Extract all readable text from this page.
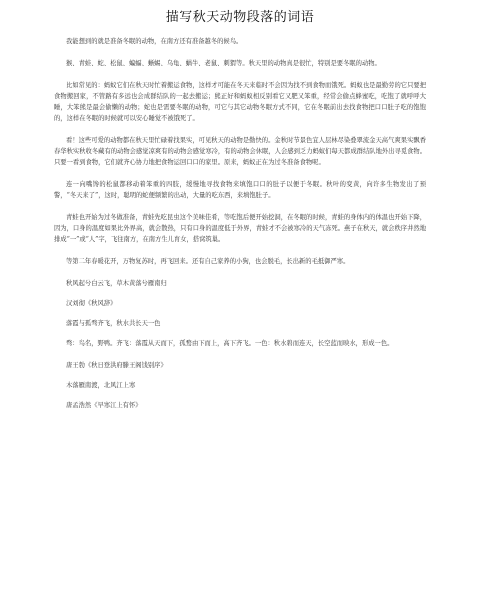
描写秋天动物段落的词语
我能想到的就是准备冬眠的动物，在南方还有准备越冬的候鸟。
猴、青蛙、蛇、松鼠、蝙蝠、蜥蜴、乌龟、蜗牛、老鼠、刺猬等。秋天里的动物真是很忙，特别是要冬眠的动物。
比如常见的：蚂蚁它们在秋天时忙着搬运食物，这样才可能在冬天来临时不会因为找不到食物而饿死。蚂蚁也是最勤劳的它只要把食物搬回家，不管路有多远也会成群结队的一起去搬运；熊正好和蚂蚁相反别看它又肥又笨重，经常会偷点蜂蜜吃，吃饱了就呼呼大睡，大笨熊是最会偷懒的动物；蛇也是需要冬眠的动物，可它与其它动物冬眠方式不同，它在冬眠前出去找食物把口口肚子吃的饱饱的，这样在冬眠的时候就可以安心睡觉不被饿死了。
看！这些可爱的动物都在秋天里忙碌着找果实，可见秋天的动物是勤快的。金秋时节景色宜人层林尽染叠翠流金天高气爽果实飘香春华秋实秋收冬藏有的动物会感觉凉爽有的动物会感觉寒冷，有的动物会休眠，人会感到乏力蚂蚁们每天都成群结队地外出寻觅食物。只要一看到食物，它们就齐心协力地把食物运回口口的家里。原来，蚂蚁正在为过冬准备食物呢。
连一向嘴馋的松鼠都移动着笨重的四肢，缓慢地寻找食物来填饱口口的肚子以便于冬眠。秋叶的变黄，向许多生物发出了预警，“冬天来了”，这时，聪明的蛇便频繁的出动，大量的吃东西，来填饱肚子。
青蛙也开始为过冬做准备，青蛙先吃昆虫这个美味佳肴，等吃饱后便开始挖洞，在冬眠的时候，青蛙的身体内的体温也开始下降，因为，口身的温度如果比外界高，就会散热，只有口身的温度低于外界，青蛙才不会被寒冷的天气冻死。燕子在秋天，就会秩序井然地排成“一”或“人”字，飞往南方，在南方生儿育女，搭窝筑巢。
等第二年春暖花开，万物复苏时，再飞回来。还有自己家养的小狗，也会脱毛，长出新的毛抵御严寒。
秋风起兮白云飞，草木黄落兮雁南归
汉刘彻《秋风辞》
落霞与孤骛齐飞，秋水共长天一色
骛：鸟名，野鸭。齐飞：落霞从天而下，孤鹜由下而上，高下齐飞。一色：秋水碧而连天，长空蓝而映水，形成一色。
唐王勃《秋日登洪府滕王阁饯别序》
木落雁南渡，北风江上寒
唐孟浩然《早寒江上有怀》
